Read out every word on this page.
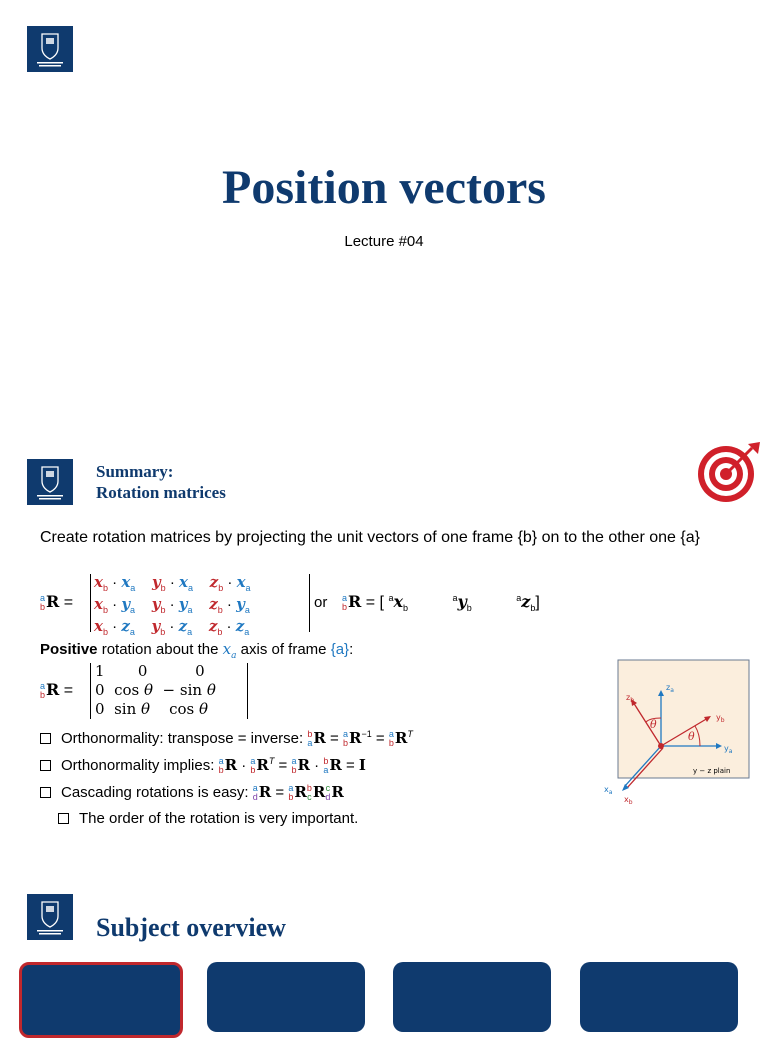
Position vectors
Lecture #04
Summary:
Rotation matrices
Create rotation matrices by projecting the unit vectors of one frame {b} on to the other one {a}
a
bR =
$x_b \cdot x_a$ $y_b \cdot x_a$ $z_b \cdot x_a$
$x_b \cdot y_a$ $y_b \cdot y_a$ $z_b \cdot y_a$
$x_b \cdot z_a$ $y_b \cdot z_a$ $z_b \cdot z_a$
or a
bR = [ $^ax_b$          $^ay_b$          $^az_b$]
Positive rotation about the $x_a$ axis of frame {a}:
a
bR =
1       0          0
0  cos θ  − sin θ
0  sin θ    cos θ
Orthonormality: transpose = inverse: b
aR = a
$bR^{-1} = a$
$bR^T$
Orthonormality implies: a
bR · a
$bR^T = a$
bR · b
aR = I
Cascading rotations is easy: a
dR = a
bRb
cRc
dR
The order of the rotation is very important.
θ
θ
$z_b$
$z_a$
$y_b$
$y_a$
$x_a$
$x_b$
y − z plain
Subject overview
